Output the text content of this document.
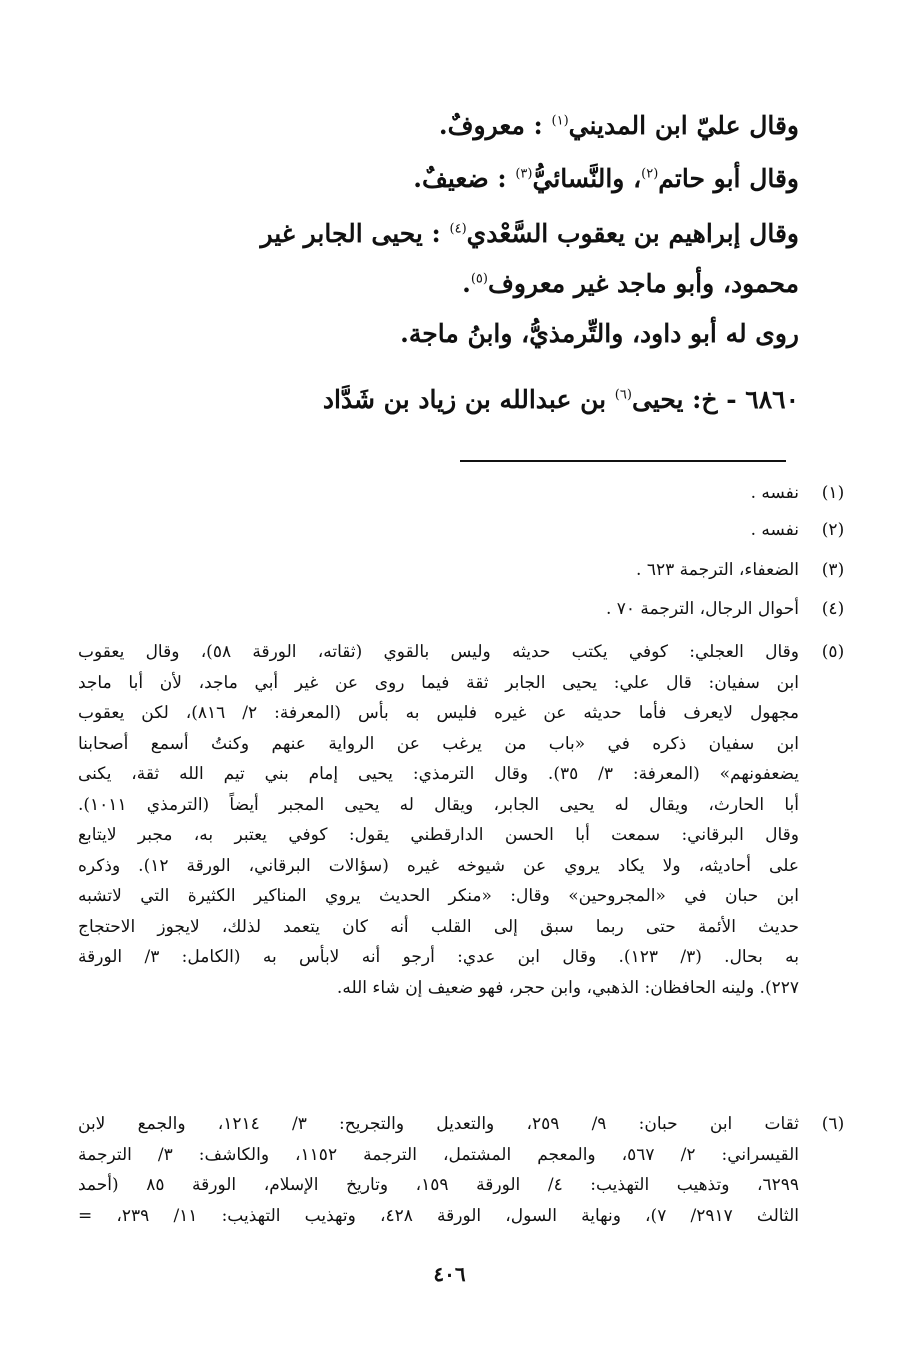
وقال عليّ ابن المديني$^{(١)}$ : معروفٌ.
وقال أبو حاتم$^{(٢)}$، والنَّسائيُّ$^{(٣)}$ : ضعيفٌ.
وقال إبراهيم بن يعقوب السَّعْدي$^{(٤)}$ : يحيى الجابر غير
محمود، وأبو ماجد غير معروف$^{(٥)}$.
روى له أبو داود، والتِّرمذيُّ، وابنُ ماجة.
٦٨٦٠ - خ: يحيى$^{(٦)}$ بن عبدالله بن زياد بن شَدَّاد
(١)
نفسه .
(٢)
نفسه .
(٣)
الضعفاء، الترجمة ٦٢٣ .
(٤)
أحوال الرجال، الترجمة ٧٠ .
(٥)
وقال العجلي: كوفي يكتب حديثه وليس بالقوي (ثقاته، الورقة ٥٨)، وقال يعقوب
ابن سفيان: قال علي: يحيى الجابر ثقة فيما روى عن غير أبي ماجد، لأن أبا ماجد
مجهول لايعرف فأما حديثه عن غيره فليس به بأس (المعرفة: ٢/ ٨١٦)، لكن يعقوب
ابن سفيان ذكره في «باب من يرغب عن الرواية عنهم وكنتُ أسمع أصحابنا
يضعفونهم» (المعرفة: ٣/ ٣٥). وقال الترمذي: يحيى إمام بني تيم الله ثقة، يكنى
أبا الحارث، ويقال له يحيى الجابر، ويقال له يحيى المجبر أيضاً (الترمذي ١٠١١).
وقال البرقاني: سمعت أبا الحسن الدارقطني يقول: كوفي يعتبر به، مجبر لايتابع
على أحاديثه، ولا يكاد يروي عن شيوخه غيره (سؤالات البرقاني، الورقة ١٢). وذكره
ابن حبان في «المجروحين» وقال: «منكر الحديث يروي المناكير الكثيرة التي لاتشبه
حديث الأئمة حتى ربما سبق إلى القلب أنه كان يتعمد لذلك، لايجوز الاحتجاج
به بحال. (٣/ ١٢٣). وقال ابن عدي: أرجو أنه لابأس به (الكامل: ٣/ الورقة
٢٢٧). ولينه الحافظان: الذهبي، وابن حجر، فهو ضعيف إن شاء الله.
(٦)
ثقات ابن حبان: ٩/ ٢٥٩، والتعديل والتجريح: ٣/ ١٢١٤، والجمع لابن
القيسراني: ٢/ ٥٦٧، والمعجم المشتمل، الترجمة ١١٥٢، والكاشف: ٣/ الترجمة
٦٢٩٩، وتذهيب التهذيب: ٤/ الورقة ١٥٩، وتاريخ الإسلام، الورقة ٨٥ (أحمد
الثالث ٢٩١٧/ ٧)، ونهاية السول، الورقة ٤٢٨، وتهذيب التهذيب: ١١/ ٢٣٩، =
٤٠٦
